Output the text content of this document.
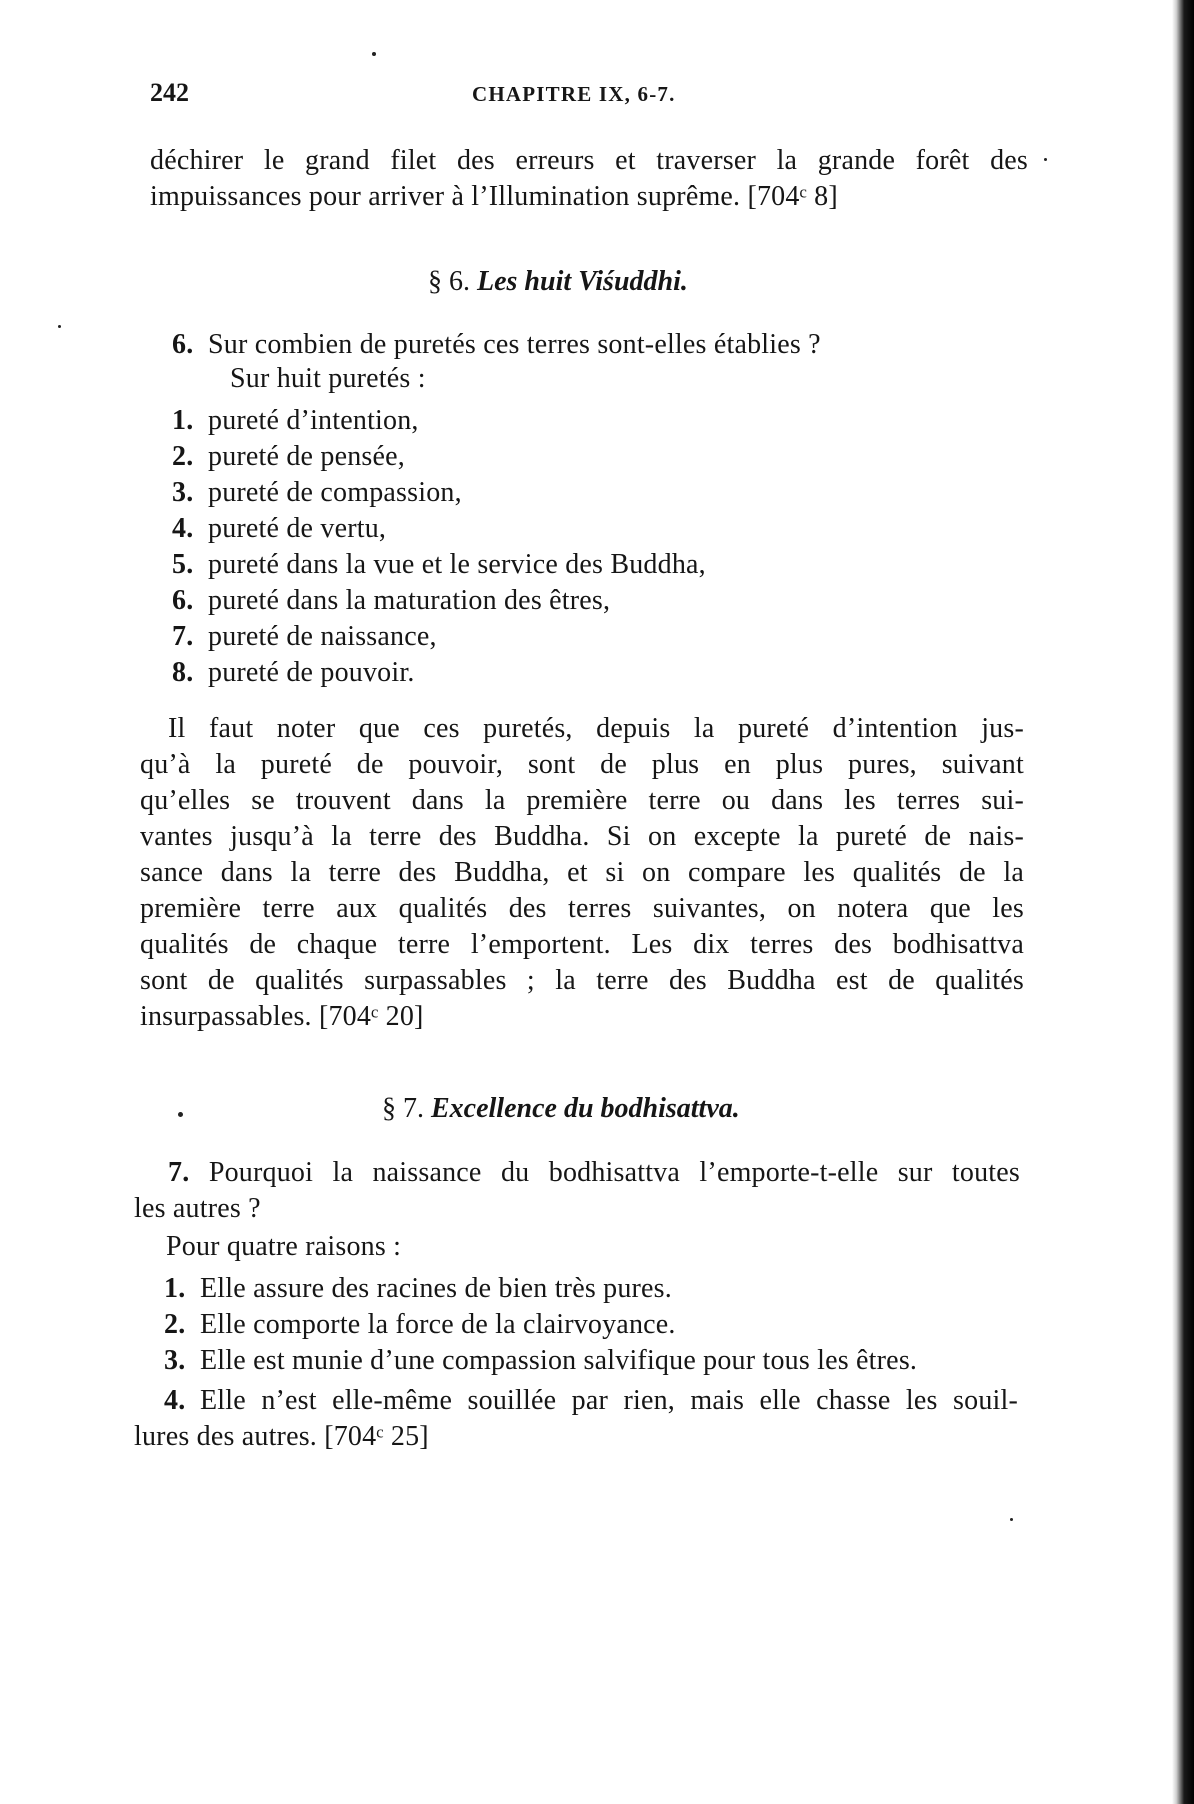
242	CHAPITRE IX, 6-7.
déchirer le grand filet des erreurs et traverser la grande forêt des
impuissances pour arriver à l’Illumination suprême. [704ᶜ 8]
§ 6. Les huit Viśuddhi.
6. Sur combien de puretés ces terres sont-elles établies ?
Sur huit puretés :
1. pureté d’intention,
2. pureté de pensée,
3. pureté de compassion,
4. pureté de vertu,
5. pureté dans la vue et le service des Buddha,
6. pureté dans la maturation des êtres,
7. pureté de naissance,
8. pureté de pouvoir.
Il faut noter que ces puretés, depuis la pureté d’intention jus-
qu’à la pureté de pouvoir, sont de plus en plus pures, suivant
qu’elles se trouvent dans la première terre ou dans les terres sui-
vantes jusqu’à la terre des Buddha. Si on excepte la pureté de nais-
sance dans la terre des Buddha, et si on compare les qualités de la
première terre aux qualités des terres suivantes, on notera que les
qualités de chaque terre l’emportent. Les dix terres des bodhisattva
sont de qualités surpassables ; la terre des Buddha est de qualités
insurpassables. [704ᶜ 20]
§ 7. Excellence du bodhisattva.
7. Pourquoi la naissance du bodhisattva l’emporte-t-elle sur toutes
les autres ?
Pour quatre raisons :
1. Elle assure des racines de bien très pures.
2. Elle comporte la force de la clairvoyance.
3. Elle est munie d’une compassion salvifique pour tous les êtres.
4. Elle n’est elle-même souillée par rien, mais elle chasse les souil-
lures des autres. [704ᶜ 25]
